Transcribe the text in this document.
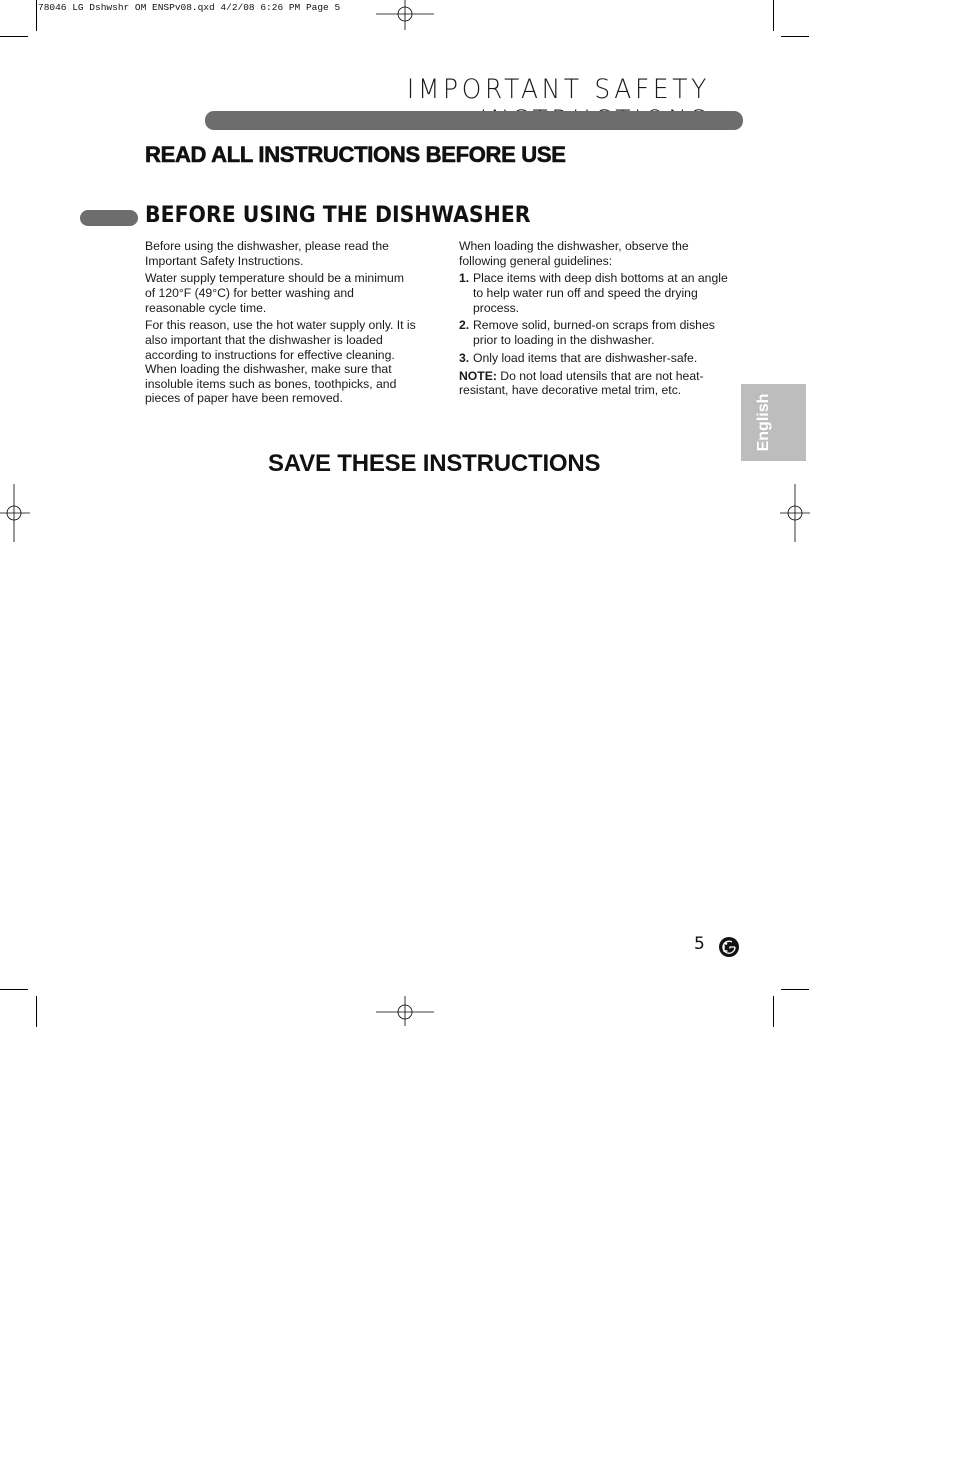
78046 LG Dshwshr OM ENSPv08.qxd 4/2/08 6:26 PM Page 5
IMPORTANT SAFETY
READ ALL INSTRUCTIONS BEFORE USE
BEFORE USING THE DISHWASHER

Before using the dishwasher, please read the Important Safety Instructions.

Water supply temperature should be a minimum of 120°F (49°C) for better washing and reasonable cycle time.

For this reason, use the hot water supply only. It is also important that the dishwasher is loaded according to instructions for effective cleaning. When loading the dishwasher, make sure that insoluble items such as bones, toothpicks, and pieces of paper have been removed.

When loading the dishwasher, observe the following general guidelines:

1. Place items with deep dish bottoms at an angle to help water run off and speed the drying process.
2. Remove solid, burned-on scraps from dishes prior to loading in the dishwasher.
3. Only load items that are dishwasher-safe.

NOTE: Do not load utensils that are not heat-resistant, have decorative metal trim, etc.

SAVE THESE INSTRUCTIONS
English
5
